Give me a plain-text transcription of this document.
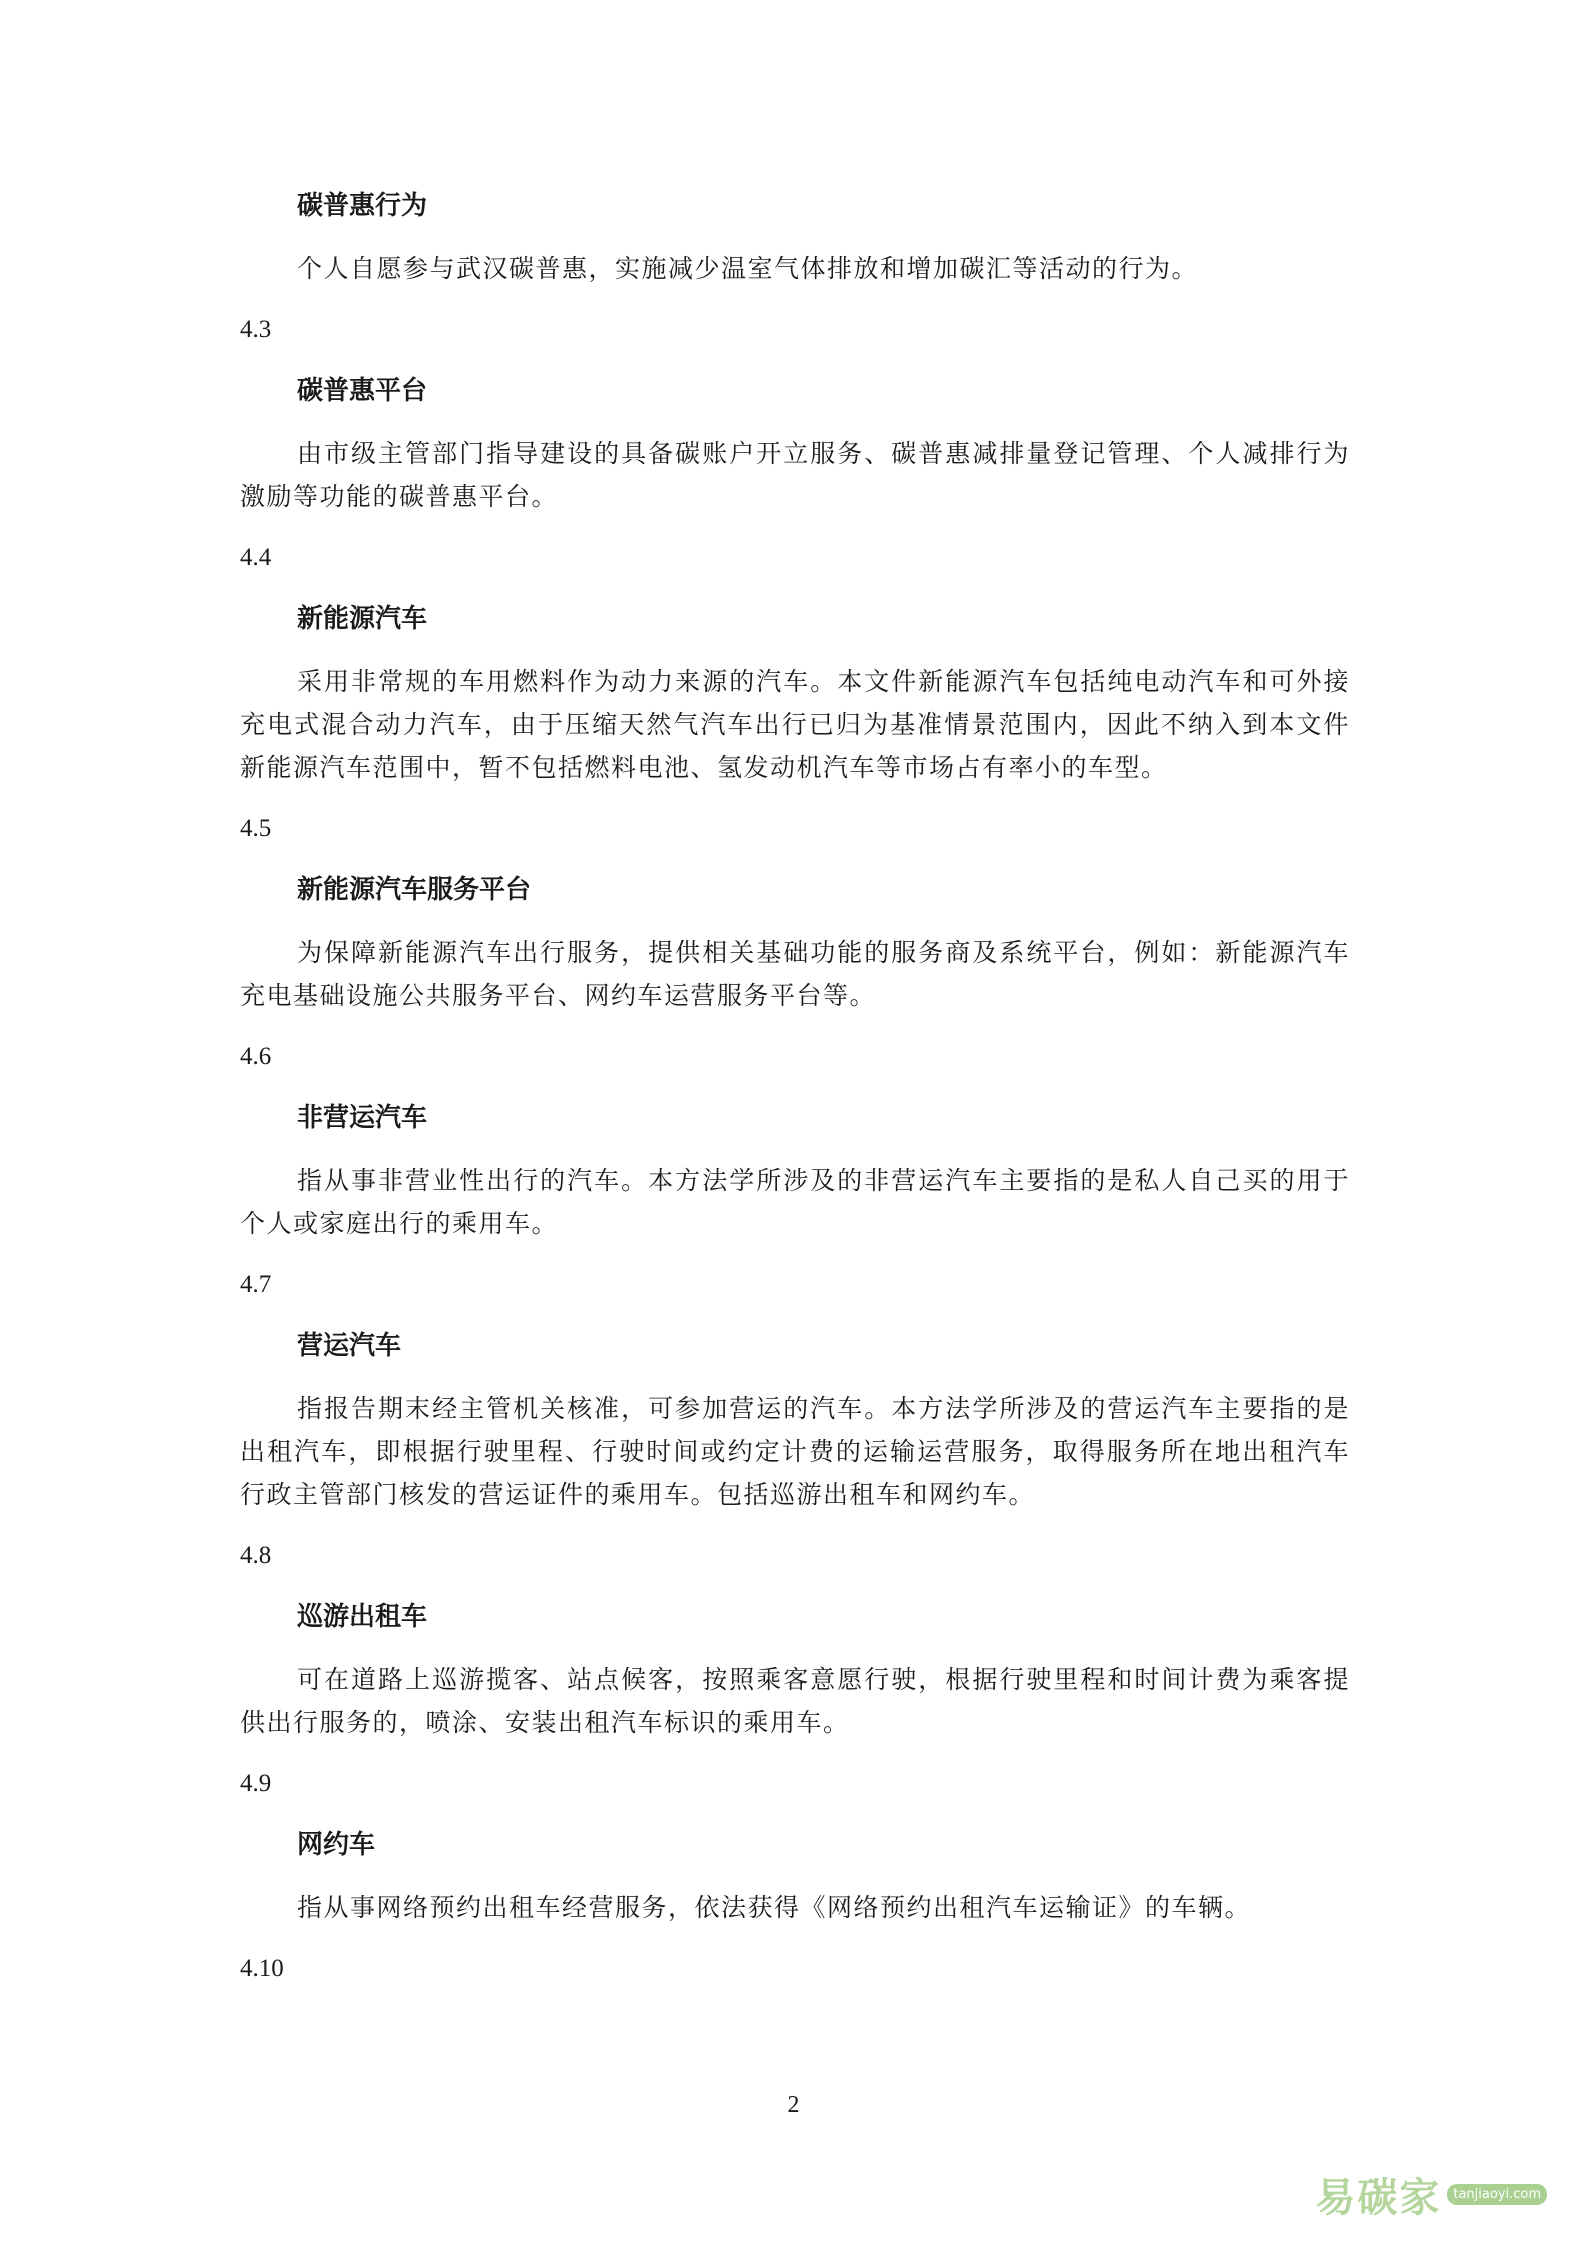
碳普惠行为

个人自愿参与武汉碳普惠，实施减少温室气体排放和增加碳汇等活动的行为。

4.3
碳普惠平台

由市级主管部门指导建设的具备碳账户开立服务、碳普惠减排量登记管理、个人减排行为激励等功能的碳普惠平台。

4.4
新能源汽车

采用非常规的车用燃料作为动力来源的汽车。本文件新能源汽车包括纯电动汽车和可外接充电式混合动力汽车，由于压缩天然气汽车出行已归为基准情景范围内，因此不纳入到本文件新能源汽车范围中，暂不包括燃料电池、氢发动机汽车等市场占有率小的车型。

4.5
新能源汽车服务平台

为保障新能源汽车出行服务，提供相关基础功能的服务商及系统平台，例如：新能源汽车充电基础设施公共服务平台、网约车运营服务平台等。

4.6
非营运汽车

指从事非营业性出行的汽车。本方法学所涉及的非营运汽车主要指的是私人自己买的用于个人或家庭出行的乘用车。

4.7
营运汽车

指报告期末经主管机关核准，可参加营运的汽车。本方法学所涉及的营运汽车主要指的是出租汽车，即根据行驶里程、行驶时间或约定计费的运输运营服务，取得服务所在地出租汽车行政主管部门核发的营运证件的乘用车。包括巡游出租车和网约车。

4.8
巡游出租车

可在道路上巡游揽客、站点候客，按照乘客意愿行驶，根据行驶里程和时间计费为乘客提供出行服务的，喷涂、安装出租汽车标识的乘用车。

4.9
网约车

指从事网络预约出租车经营服务，依法获得《网络预约出租汽车运输证》的车辆。

4.10
2
易碳家 tanjiaoyi.com
